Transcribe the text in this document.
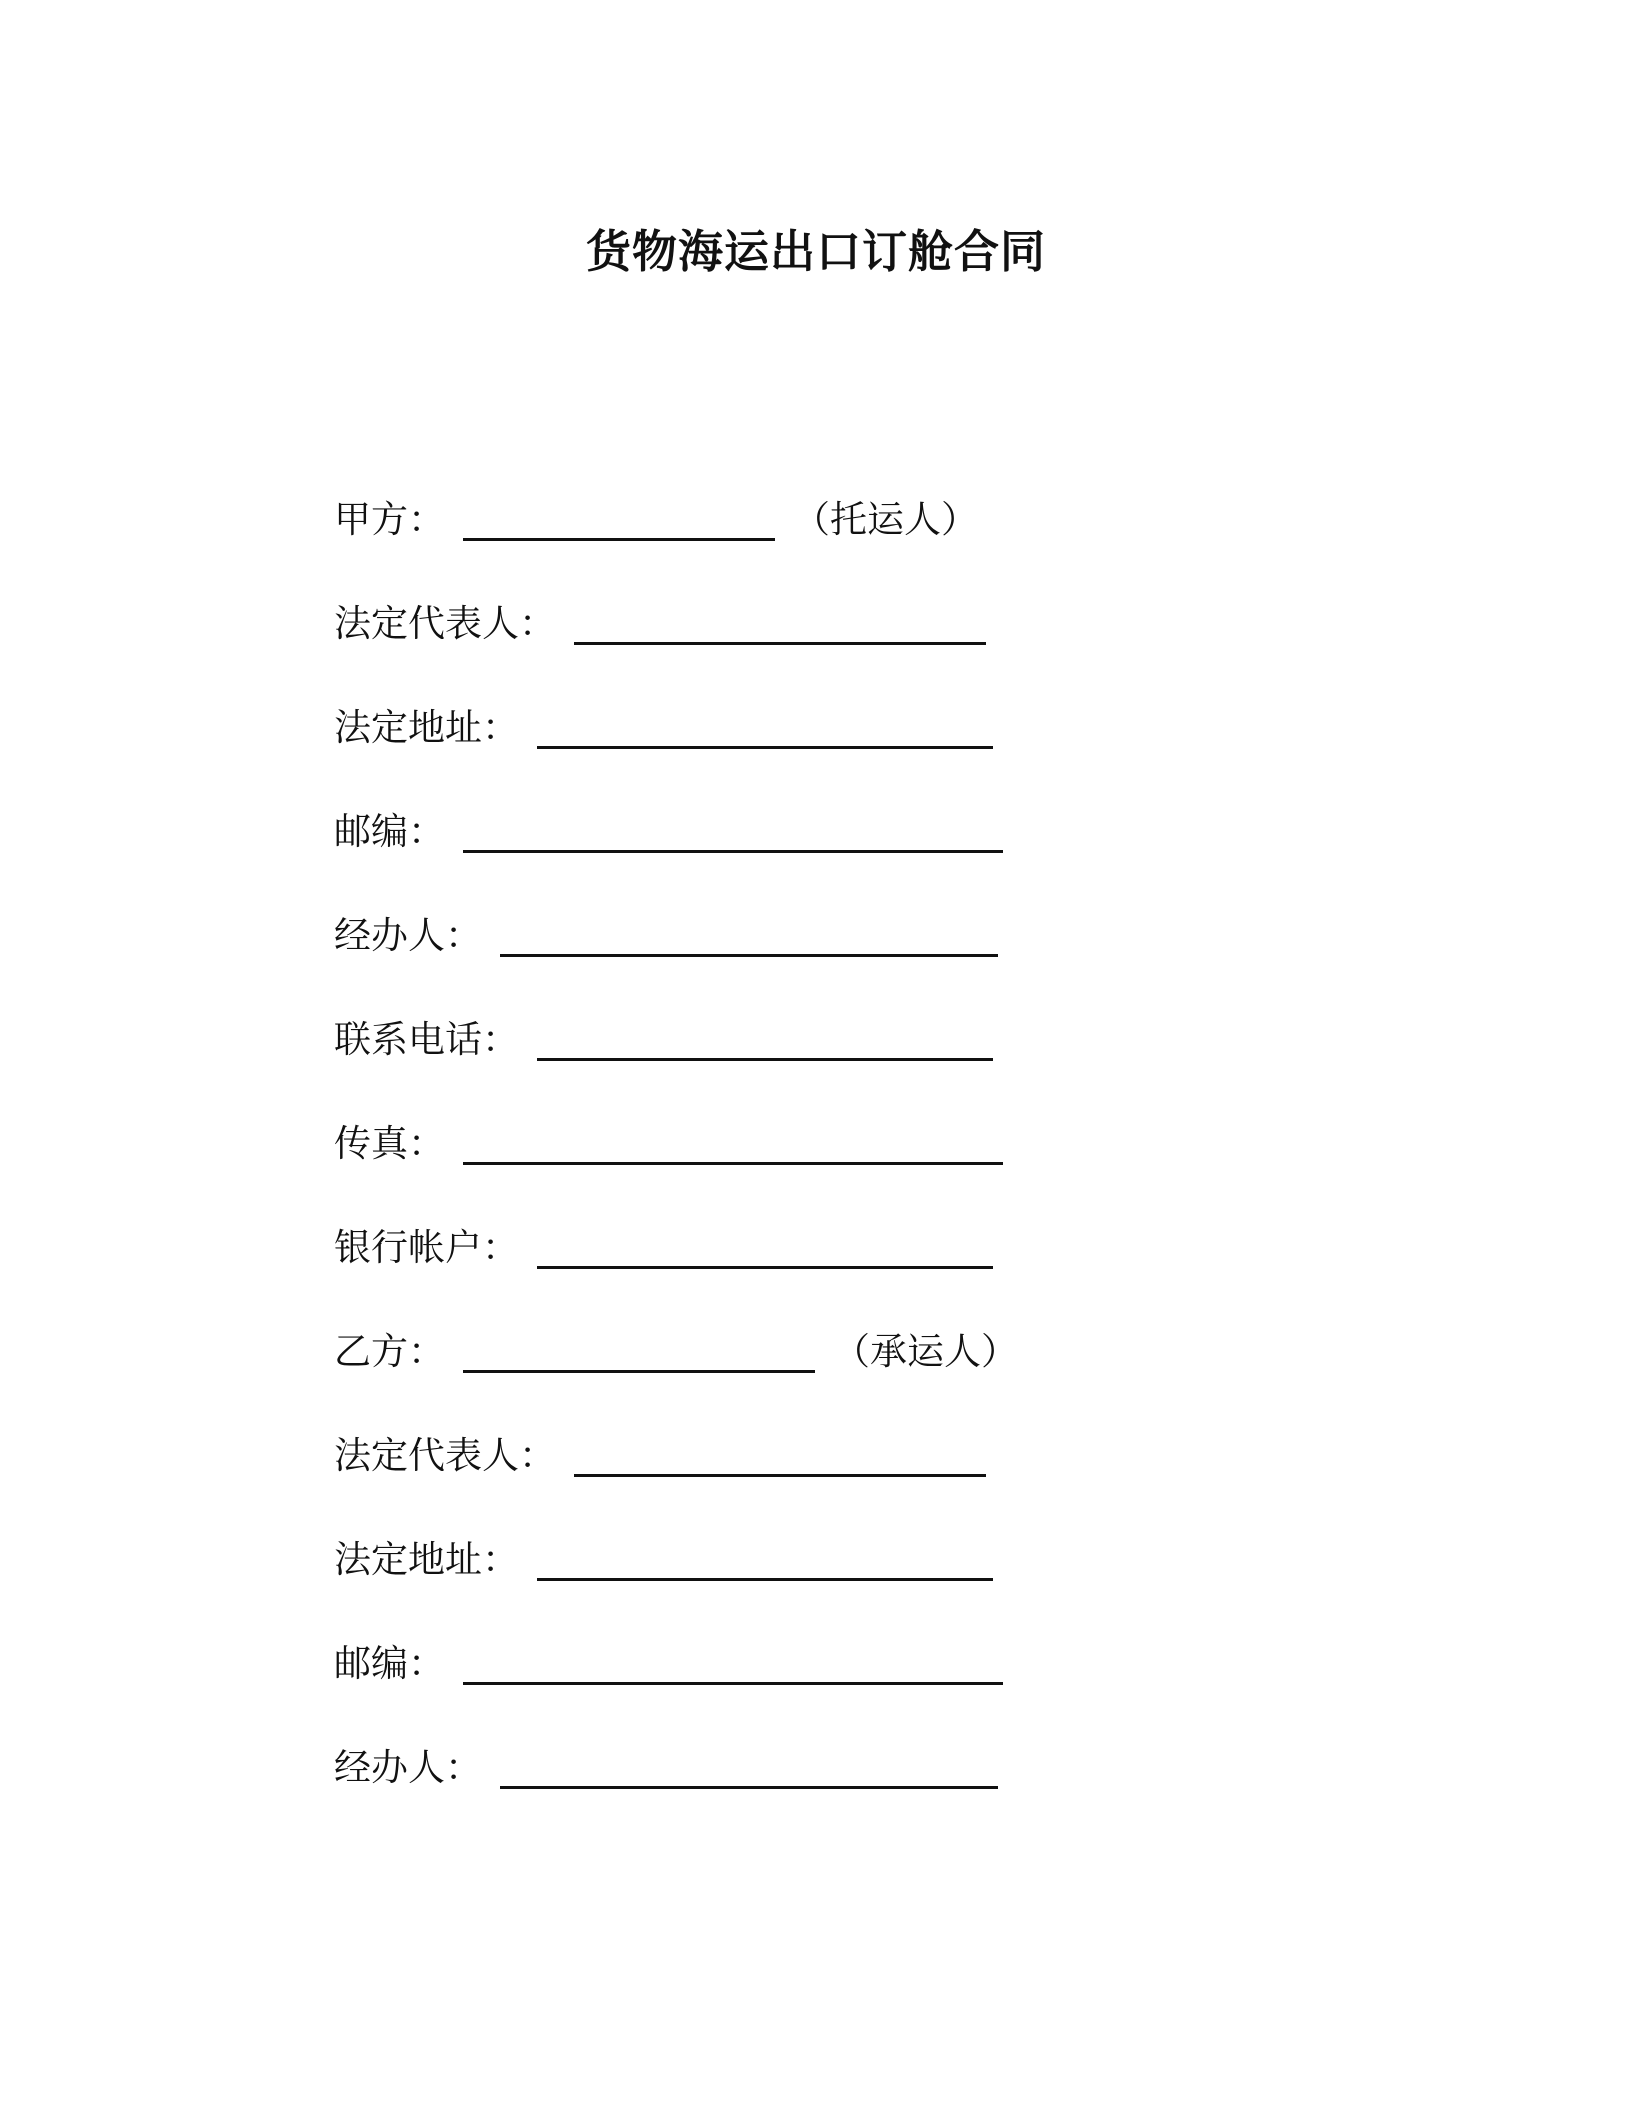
货物海运出口订舱合同
甲方：	（托运人）
法定代表人：
法定地址：
邮编：
经办人：
联系电话：
传真：
银行帐户：
乙方：	（承运人）
法定代表人：
法定地址：
邮编：
经办人：
